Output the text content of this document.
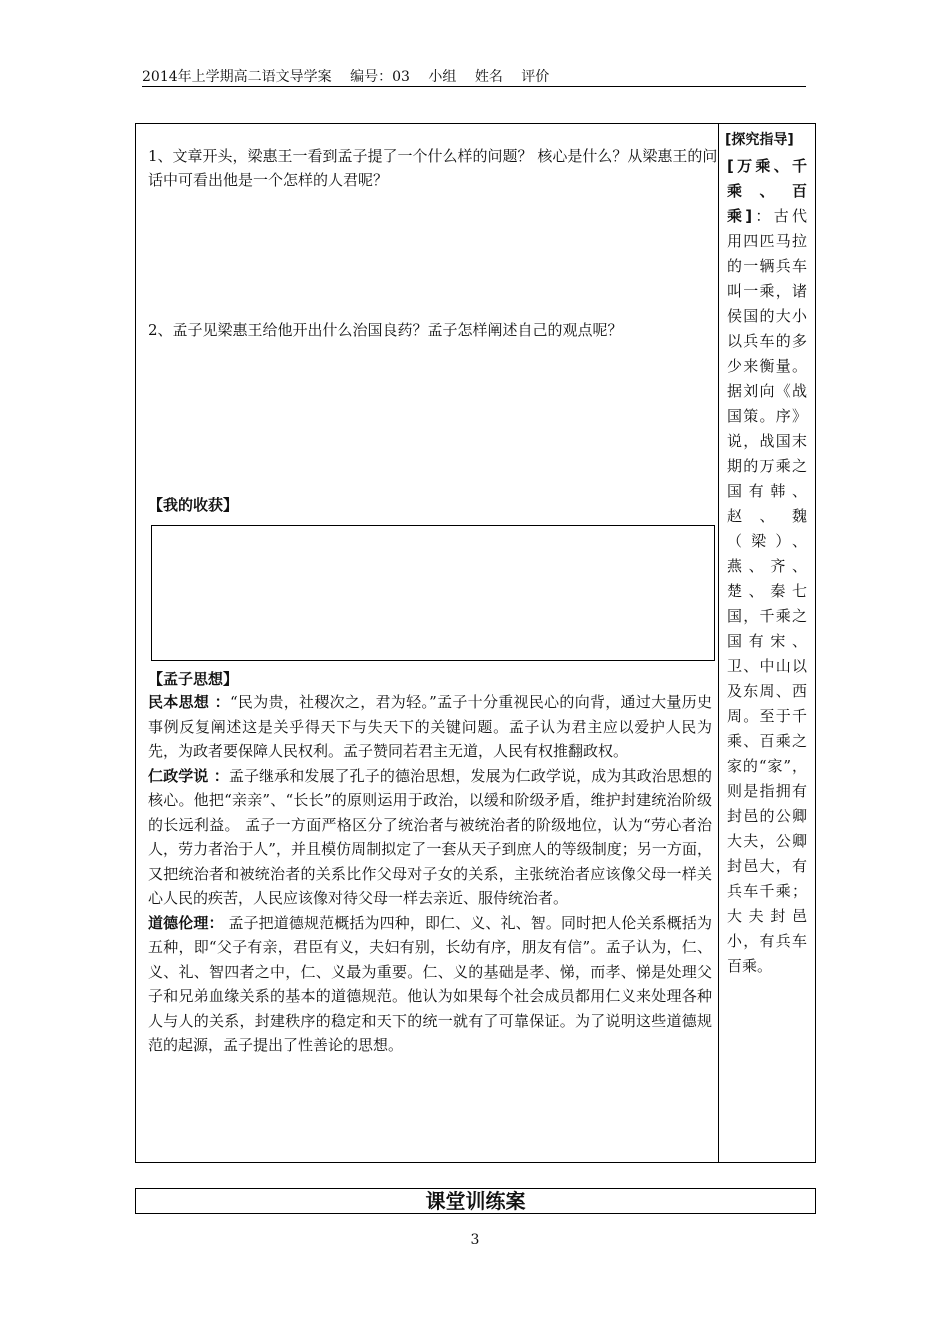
2014年上学期高二语文导学案 编号：03 小组 姓名 评价
1、文章开头，梁惠王一看到孟子提了一个什么样的问题？ 核心是什么？从梁惠王的问话中可看出他是一个怎样的人君呢？
2、孟子见梁惠王给他开出什么治国良药？孟子怎样阐述自己的观点呢？
【我的收获】
【孟子思想】

民本思想 ：“民为贵，社稷次之，君为轻。”孟子十分重视民心的向背，通过大量历史事例反复阐述这是关乎得天下与失天下的关键问题。孟子认为君主应以爱护人民为先，为政者要保障人民权利。孟子赞同若君主无道，人民有权推翻政权。

仁政学说 ：孟子继承和发展了孔子的德治思想，发展为仁政学说，成为其政治思想的核心。他把“亲亲”、“长长”的原则运用于政治，以缓和阶级矛盾，维护封建统治阶级的长远利益。 孟子一方面严格区分了统治者与被统治者的阶级地位，认为“劳心者治人，劳力者治于人”，并且模仿周制拟定了一套从天子到庶人的等级制度；另一方面，又把统治者和被统治者的关系比作父母对子女的关系，主张统治者应该像父母一样关心人民的疾苦，人民应该像对待父母一样去亲近、服侍统治者。

道德伦理： 孟子把道德规范概括为四种，即仁、义、礼、智。同时把人伦关系概括为五种，即“父子有亲，君臣有义，夫妇有别，长幼有序，朋友有信”。孟子认为，仁、义、礼、智四者之中，仁、义最为重要。仁、义的基础是孝、悌，而孝、悌是处理父子和兄弟血缘关系的基本的道德规范。他认为如果每个社会成员都用仁义来处理各种人与人的关系，封建秩序的稳定和天下的统一就有了可靠保证。为了说明这些道德规范的起源，孟子提出了性善论的思想。

[探究指导]
[万乘、千乘、百乘]：古代用四匹马拉的一辆兵车叫一乘，诸侯国的大小以兵车的多少来衡量。据刘向《战国策。序》说，战国末期的万乘之国有韩、赵、魏（梁）、燕、齐、楚、秦七国，千乘之国有宋、卫、中山以及东周、西周。至于千乘、百乘之家的“家”，则是指拥有封邑的公卿大夫，公卿封邑大，有兵车千乘；大夫封邑小，有兵车百乘。
课堂训练案
3
